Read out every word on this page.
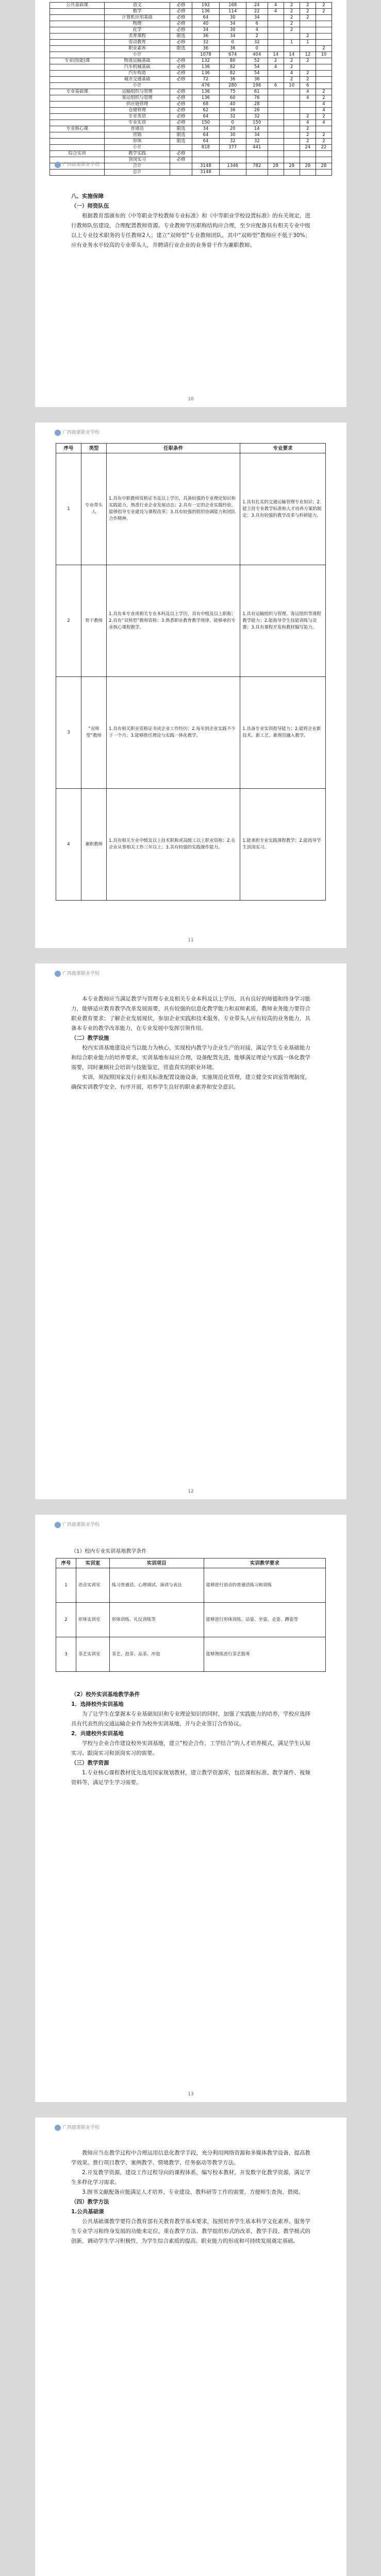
公共基础课	语文	必修	192	168	24	4	2	2	2
	数学	必修	136	114	22	4	2	2	2
	计算机应用基础	必修	64	30	34		2	2	
	物理	必修	40	34	6		2		
	化学	必修	34	30	4		2		
	美育课程	限选	36	34	2			2	
	劳动教育	必修	32	0	32		1	1	
	职业素养	限选	36	36	0				2
	小计		1078	674	404	14	14	12	10
专业(技能)课	物流运输基础	必修	132	80	52	2	2	2	
	汽车机械基础	必修	136	82	54	4	2		
	汽车构造	必修	136	82	54		4	2	
	城市交通基础	必修	72	36	36		2	2	
	小计		476	280	196	6	10	6	
专业基础课	运输组织与管理	必修	136	75	61			4	2
	客运组织与管理	必修	136	60	76			4	2
	供应链管理	必修	68	40	28				4
	仓储管理	必修	62	36	26				4
	专业英语	必修	64	32	32			2	2
	专业实训	必修	150	0	150			4	4
专业核心课	普通话	限选	34	20	14			2	
	营销	限选	64	30	34			2	2
	形体	限选	64	32	32			2	2
	小计		818	377	441			24	22
综合实训	教学实践	必修							
	顶岗实习	必修							
	合计		3148	1346	782	28	28	28	28
	总计		3148						
广西鹿寨职业学校

八、实施保障

（一）师资队伍

根据教育部颁布的《中等职业学校教师专业标准》和《中等职业学校设置标准》的有关规定，进行教师队伍建设，合理配置教师资源。专业教师学历职称结构应合理，至少应配备具有相关专业中级以上专业技术职务的专任教师2人；建立“双师型”专业教师团队，其中“双师型”教师应不低于30%；应有业务水平较高的专业带头人，并聘请行业企业的业务骨干作为兼职教师。

10
广西鹿寨职业学校
序号	类型	任职条件	专业要求
1	专业带头人	1.具有中职教师资格证书及以上学历，具备较强的专业理论知识和实践能力，熟悉行业企业发展动态；2.具有一定的企业实践经验，能够指导专业建设与课程改革；3.具有较强的组织协调能力和团队合作精神。	1.具有扎实的交通运输管理专业知识；2.能主持专业教学标准和人才培养方案的制定；3.具有较强的教学改革与科研能力。
2	骨干教师	1.具有本专业或相关专业本科及以上学历，具有中级及以上职称；2.具有“双师型”教师资格；3.熟悉职业教育教学规律，能够承担专业核心课程教学。	1.具有运输组织与管理、客运组织等课程教学能力；2.能指导学生技能训练与竞赛；3.具有课程开发和教材编写能力。
3	“双师型”教师	1.具有相关职业资格证书或企业工作经历；2.每年到企业实践不少于一个月；3.能够胜任理论与实践一体化教学。	1.具备专业实训指导能力；2.能将企业新技术、新工艺、新规范融入教学。
4	兼职教师	1.具有相关专业中级及以上技术职称或高级工以上职业资格；2.在企业从事相关工作三年以上；3.具有较强的实践操作能力。	1.能承担专业实践课程教学；2.能指导学生顶岗实习。
11
广西鹿寨职业学校

本专业教师应当满足教学与管理专业及相关专业本科及以上学历，具有良好的师德和终身学习能力，能够适应教育教学改革发展需要，具有较强的信息化教学能力和双师素质，教师业务能力要符合职业教育要求；了解企业发展现状，参加企业实践和技术服务，专业带头人应有较高的业务能力，具备本专业的教学改革能力，在专业发展中发挥引领作用。

（二）教学设施

校内实训基地建设应当以能力为核心，实现校内教学与企业生产的对接，满足学生专业基础能力和综合职业能力的培养要求。实训基地布局应合理，设备配置先进，能够满足理论与实践一体化教学需要，同时兼顾社会培训与技能鉴定，营造真实的职业环境。

实训，须按照国家及行业相关标准配置设施设备，实施规范化管理，建立健全实训室管理制度，确保实训教学安全、有序开展，培养学生良好的职业素养和安全意识。

12
广西鹿寨职业学校
（1）校内专业实训基地教学条件
序号	实训室	实训项目	实训教学要求
1	语音实训室	练习普通话、心理调试、演讲与表达	能够进行语音的普通话练习和训练
2	形体实训室	形体训练、礼仪训练等	能够进行形体训练、站姿、坐姿、走姿、蹲姿等
3	茶艺实训室	茶艺、泡茶、品茶、冲泡	能够熟练进行茶艺服务

（2）校外实训基地教学条件

1．选择校外实训基地

为了让学生在掌握本专业基础知识和专业理论知识的同时，加强了实践能力的培养，学校应选择具有代表性的交通运输企业作为校外实训基地，并与企业签订合作协议。

2．共建校外实训基地

学校与企业合作建设校外实训基地，建立“校企合作、工学结合”的人才培养模式，满足学生认知实习、跟岗实习和顶岗实习的需要。

（三）教学资源

1.专业核心课程教材优先选用国家规划教材，建立教学资源库，包括课程标准、教学课件、视频资料等，满足学生学习需要。

13
广西鹿寨职业学校

教师应当在教学过程中合理运用信息化教学手段，充分利用网络资源和多媒体教学设备，提高教学效果。推行项目教学、案例教学、情境教学、任务驱动等教学方法。

2.开发教学资源，建设工作过程导向的课程体系，编写校本教材，开发数字化教学资源，满足学生多样化学习需求。

3.图书文献配备应能满足人才培养、专业建设、教科研等工作的需要，方便师生查询、借阅。

（四）教学方法

1.公共基础课

公共基础课教学要符合教育部有关教育教学基本要求，按照培养学生基本科学文化素养、服务学生专业学习和终身发展的功能来定位，重在教学方法、教学组织形式的改革，教学手段、教学模式的创新，调动学生学习积极性，为学生综合素质的提高、职业能力的形成和可持续发展奠定基础。
